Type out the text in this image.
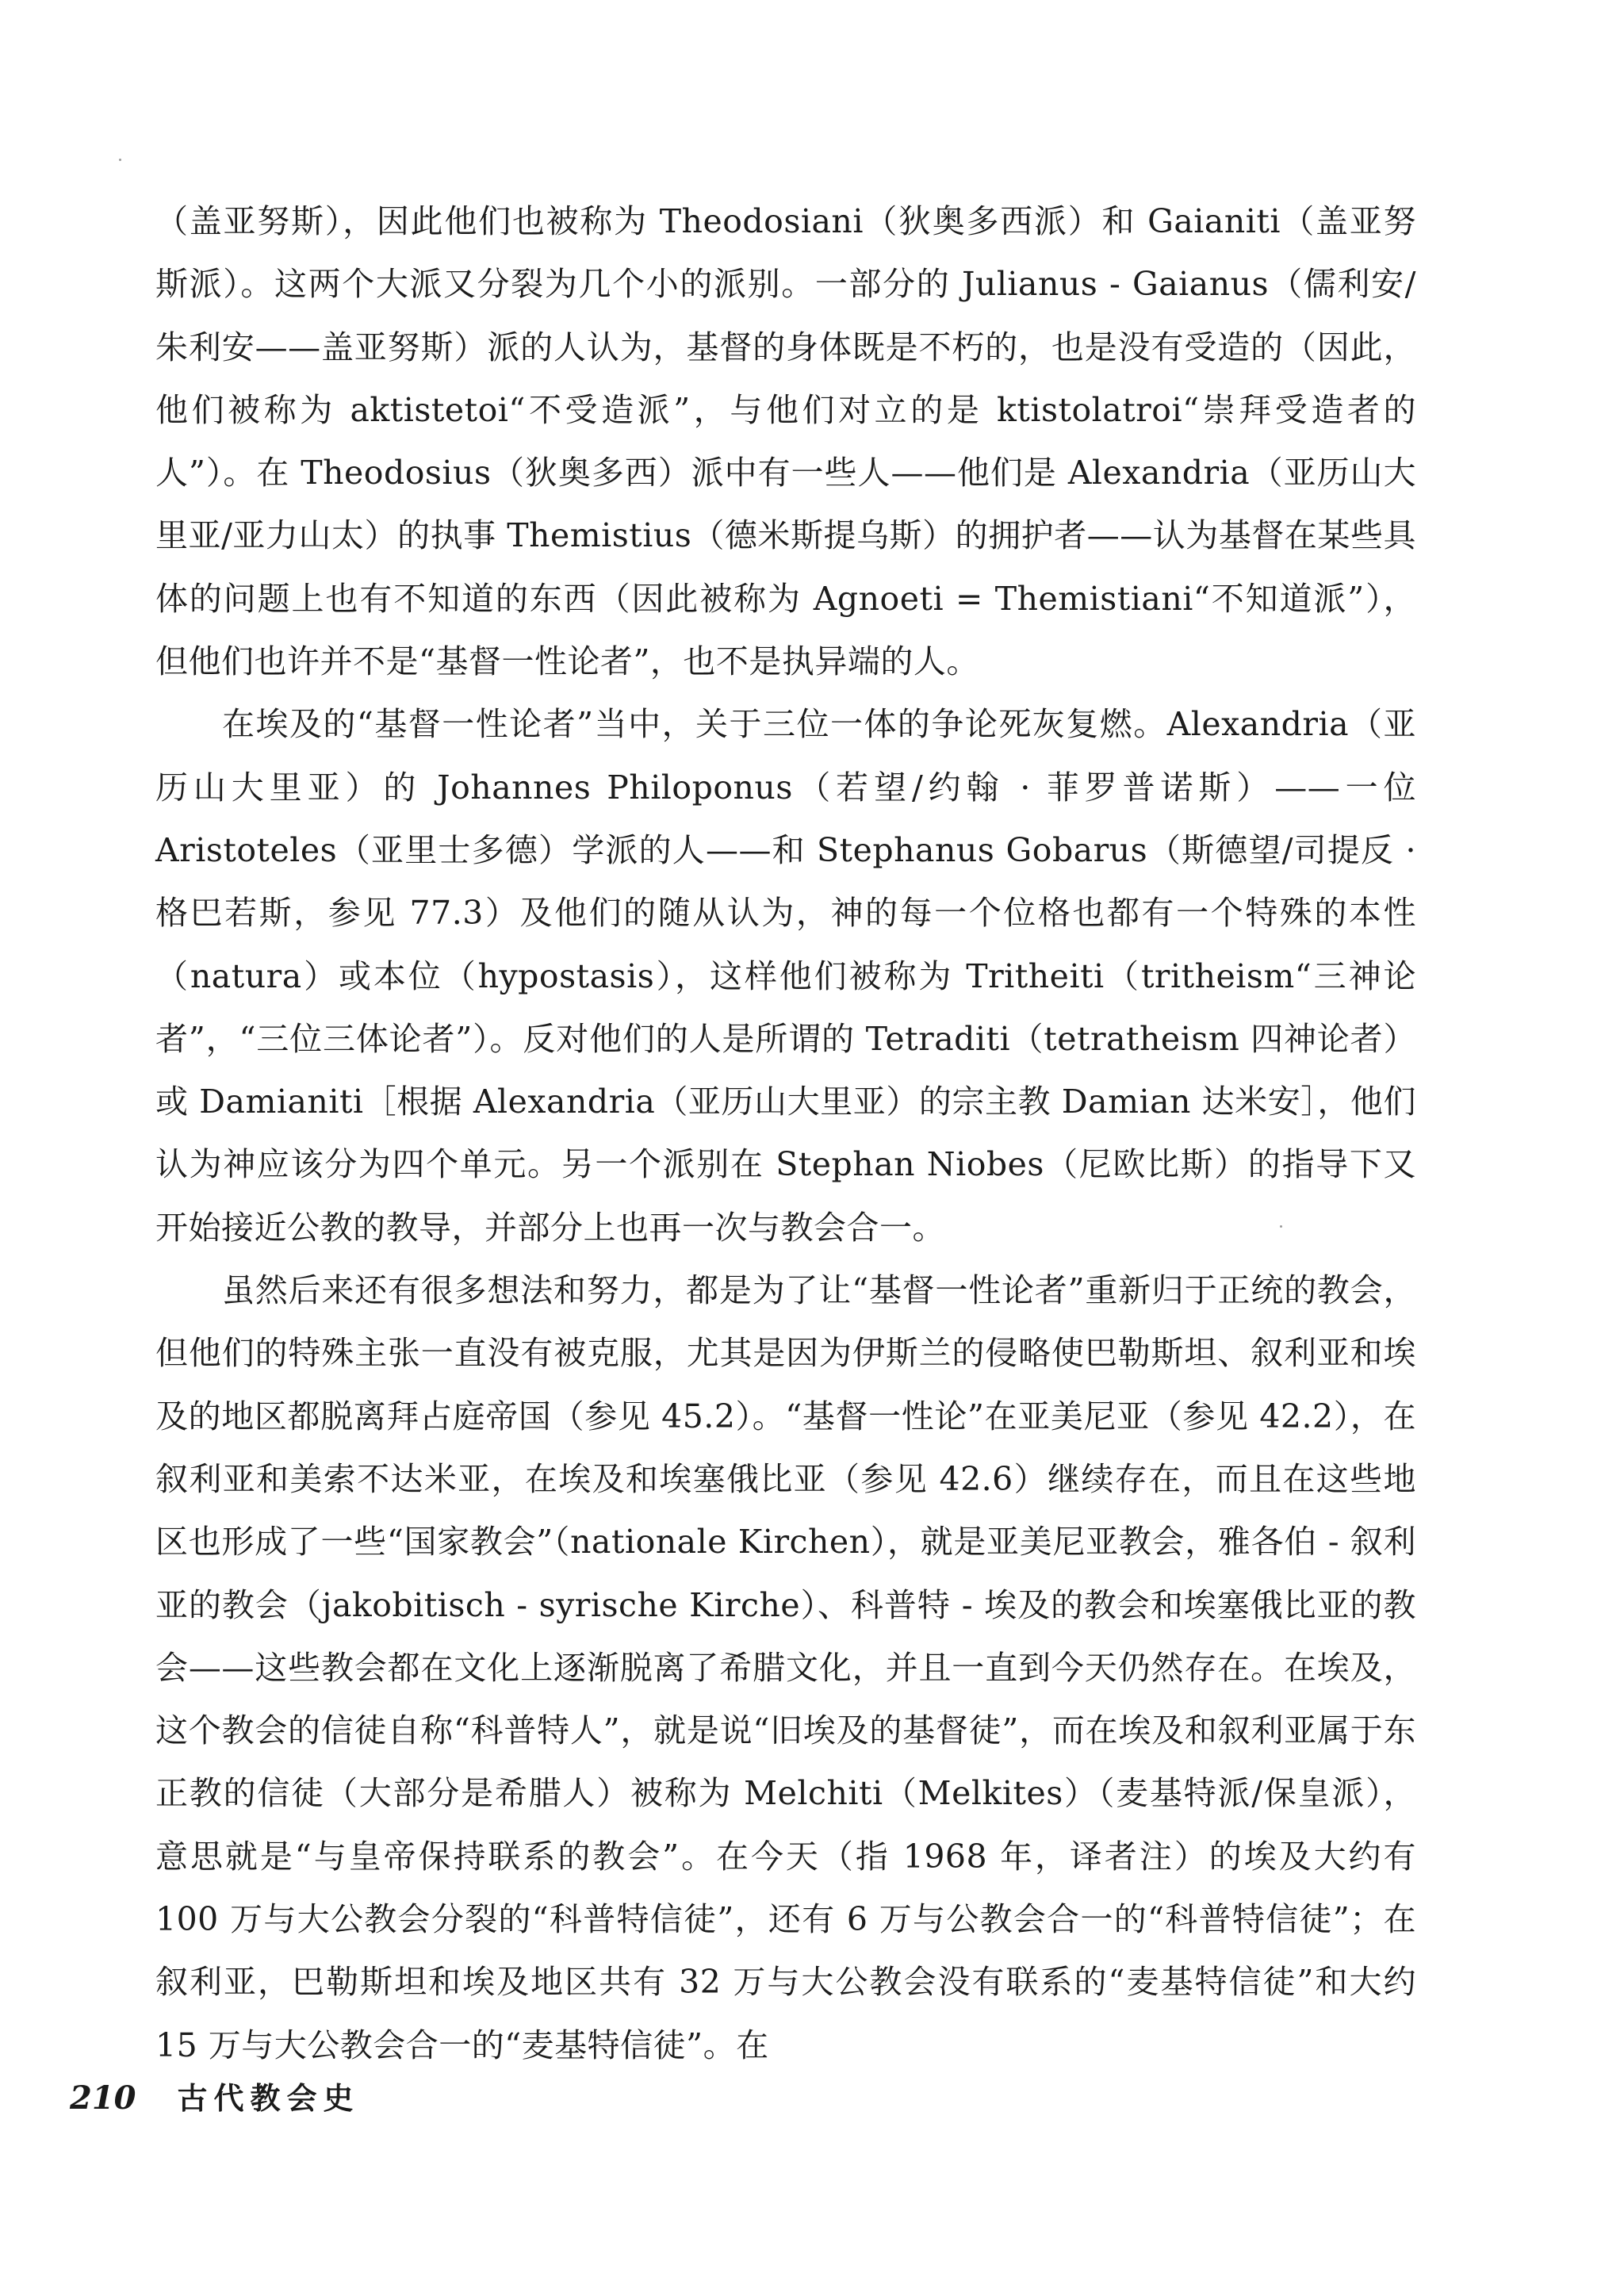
（盖亚努斯），因此他们也被称为 Theodosiani（狄奥多西派）和 Gaianiti（盖亚努斯派）。这两个大派又分裂为几个小的派别。一部分的 Julianus - Gaianus（儒利安/朱利安——盖亚努斯）派的人认为，基督的身体既是不朽的，也是没有受造的（因此，他们被称为 aktistetoi“不受造派”，与他们对立的是 ktistolatroi“崇拜受造者的人”）。在 Theodosius（狄奥多西）派中有一些人——他们是 Alexandria（亚历山大里亚/亚力山太）的执事 Themistius（德米斯提乌斯）的拥护者——认为基督在某些具体的问题上也有不知道的东西（因此被称为 Agnoeti = Themistiani“不知道派”），但他们也许并不是“基督一性论者”，也不是执异端的人。

在埃及的“基督一性论者”当中，关于三位一体的争论死灰复燃。Alexandria（亚历山大里亚）的 Johannes Philoponus（若望/约翰 · 菲罗普诺斯）——一位 Aristoteles（亚里士多德）学派的人——和 Stephanus Gobarus（斯德望/司提反 · 格巴若斯，参见 77.3）及他们的随从认为，神的每一个位格也都有一个特殊的本性（natura）或本位（hypostasis），这样他们被称为 Tritheiti（tritheism“三神论者”，“三位三体论者”）。反对他们的人是所谓的 Tetraditi（tetratheism 四神论者）或 Damianiti［根据 Alexandria（亚历山大里亚）的宗主教 Damian 达米安］，他们认为神应该分为四个单元。另一个派别在 Stephan Niobes（尼欧比斯）的指导下又开始接近公教的教导，并部分上也再一次与教会合一。

虽然后来还有很多想法和努力，都是为了让“基督一性论者”重新归于正统的教会，但他们的特殊主张一直没有被克服，尤其是因为伊斯兰的侵略使巴勒斯坦、叙利亚和埃及的地区都脱离拜占庭帝国（参见 45.2）。“基督一性论”在亚美尼亚（参见 42.2），在叙利亚和美索不达米亚，在埃及和埃塞俄比亚（参见 42.6）继续存在，而且在这些地区也形成了一些“国家教会”（nationale Kirchen），就是亚美尼亚教会，雅各伯 - 叙利亚的教会（jakobitisch - syrische Kirche）、科普特 - 埃及的教会和埃塞俄比亚的教会——这些教会都在文化上逐渐脱离了希腊文化，并且一直到今天仍然存在。在埃及，这个教会的信徒自称“科普特人”，就是说“旧埃及的基督徒”，而在埃及和叙利亚属于东正教的信徒（大部分是希腊人）被称为 Melchiti（Melkites）（麦基特派/保皇派），意思就是“与皇帝保持联系的教会”。在今天（指 1968 年，译者注）的埃及大约有 100 万与大公教会分裂的“科普特信徒”，还有 6 万与公教会合一的“科普特信徒”；在叙利亚，巴勒斯坦和埃及地区共有 32 万与大公教会没有联系的“麦基特信徒”和大约 15 万与大公教会合一的“麦基特信徒”。在

210 古代教会史
